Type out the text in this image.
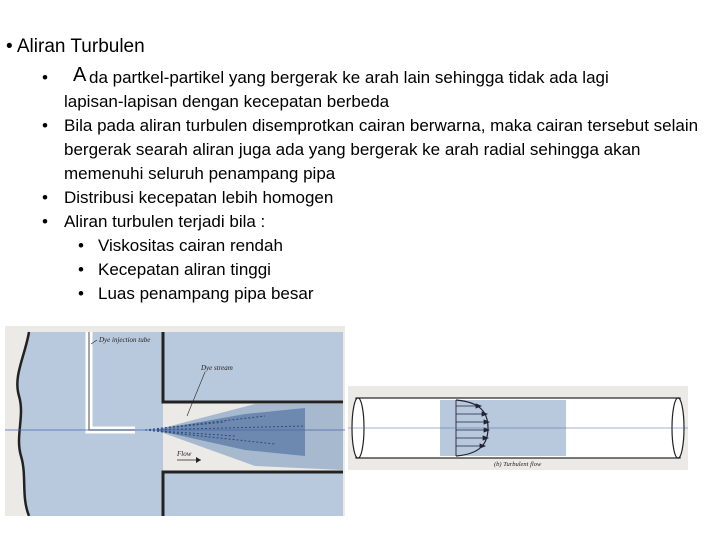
• Aliran Turbulen
• A da partkel-partikel yang bergerak ke arah lain sehingga tidak ada lagi
lapisan-lapisan dengan kecepatan berbeda
• Bila pada aliran turbulen disemprotkan cairan berwarna, maka cairan tersebut selain bergerak searah aliran juga ada yang bergerak ke arah radial sehingga akan memenuhi seluruh penampang pipa
• Distribusi kecepatan lebih homogen
• Aliran turbulen terjadi bila :
• Viskositas cairan rendah
• Kecepatan aliran tinggi
• Luas penampang pipa besar
Dye injection tube
Dye stream
Flow
(b) Turbulent flow
